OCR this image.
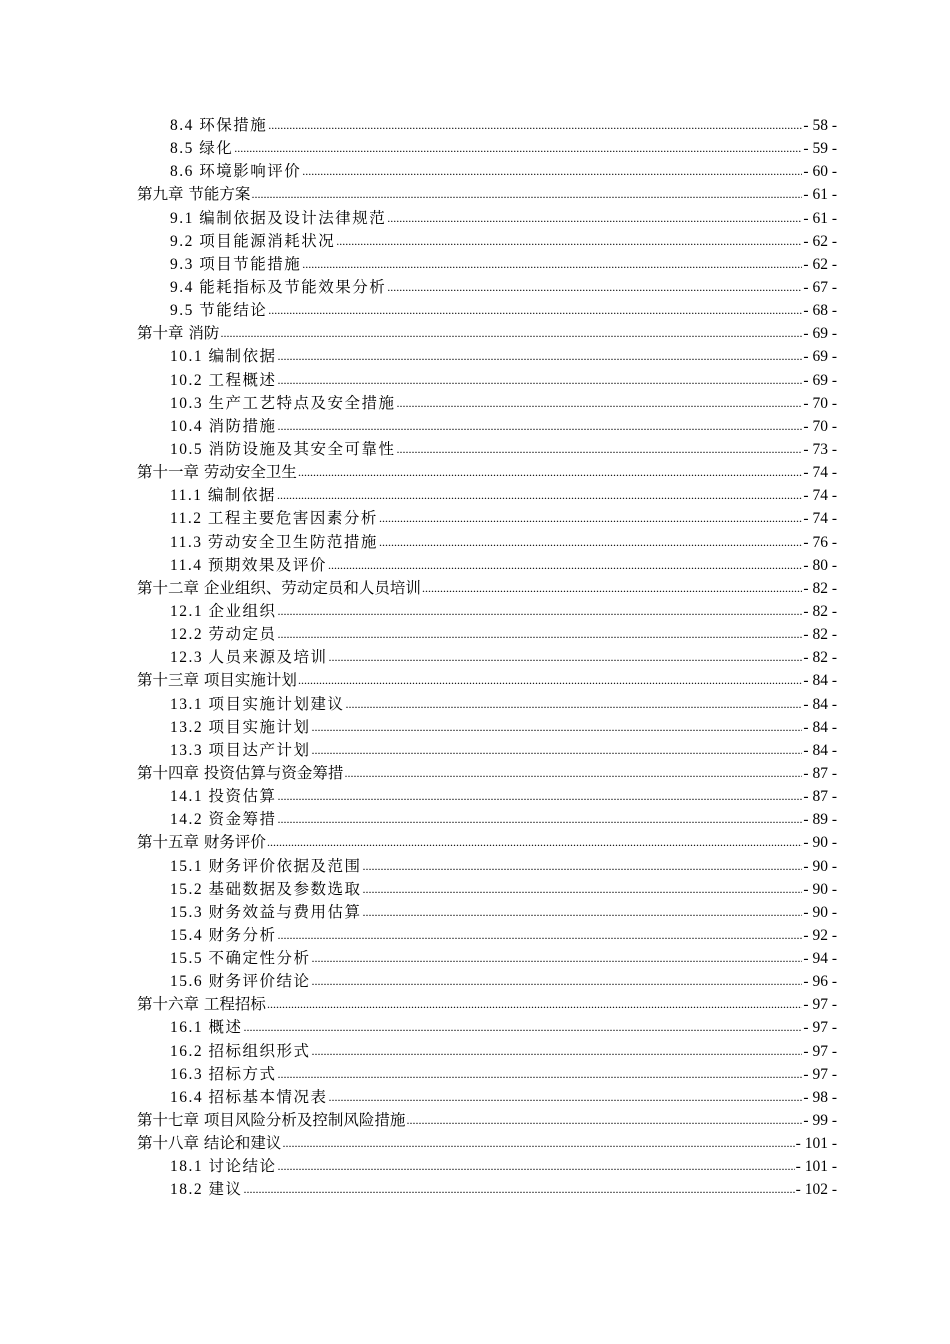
8.4 环保措施 .....	- 58 -
8.5 绿化 .....	- 59 -
8.6 环境影响评价 .....	- 60 -
第九章 节能方案 .....	- 61 -
9.1 编制依据及设计法律规范 .....	- 61 -
9.2 项目能源消耗状况 .....	- 62 -
9.3 项目节能措施 .....	- 62 -
9.4 能耗指标及节能效果分析 .....	- 67 -
9.5 节能结论 .....	- 68 -
第十章 消防 .....	- 69 -
10.1 编制依据 .....	- 69 -
10.2 工程概述 .....	- 69 -
10.3 生产工艺特点及安全措施 .....	- 70 -
10.4 消防措施 .....	- 70 -
10.5 消防设施及其安全可靠性 .....	- 73 -
第十一章 劳动安全卫生 .....	- 74 -
11.1 编制依据 .....	- 74 -
11.2 工程主要危害因素分析 .....	- 74 -
11.3 劳动安全卫生防范措施 .....	- 76 -
11.4 预期效果及评价 .....	- 80 -
第十二章 企业组织、劳动定员和人员培训 .....	- 82 -
12.1 企业组织 .....	- 82 -
12.2 劳动定员 .....	- 82 -
12.3 人员来源及培训 .....	- 82 -
第十三章 项目实施计划 .....	- 84 -
13.1 项目实施计划建议 .....	- 84 -
13.2 项目实施计划 .....	- 84 -
13.3 项目达产计划 .....	- 84 -
第十四章 投资估算与资金筹措 .....	- 87 -
14.1 投资估算 .....	- 87 -
14.2 资金筹措 .....	- 89 -
第十五章 财务评价 .....	- 90 -
15.1 财务评价依据及范围 .....	- 90 -
15.2 基础数据及参数选取 .....	- 90 -
15.3 财务效益与费用估算 .....	- 90 -
15.4 财务分析 .....	- 92 -
15.5 不确定性分析 .....	- 94 -
15.6 财务评价结论 .....	- 96 -
第十六章 工程招标 .....	- 97 -
16.1 概述 .....	- 97 -
16.2 招标组织形式 .....	- 97 -
16.3 招标方式 .....	- 97 -
16.4 招标基本情况表 .....	- 98 -
第十七章 项目风险分析及控制风险措施 .....	- 99 -
第十八章 结论和建议 .....	- 101 -
18.1 讨论结论 .....	- 101 -
18.2 建议 .....	- 102 -
